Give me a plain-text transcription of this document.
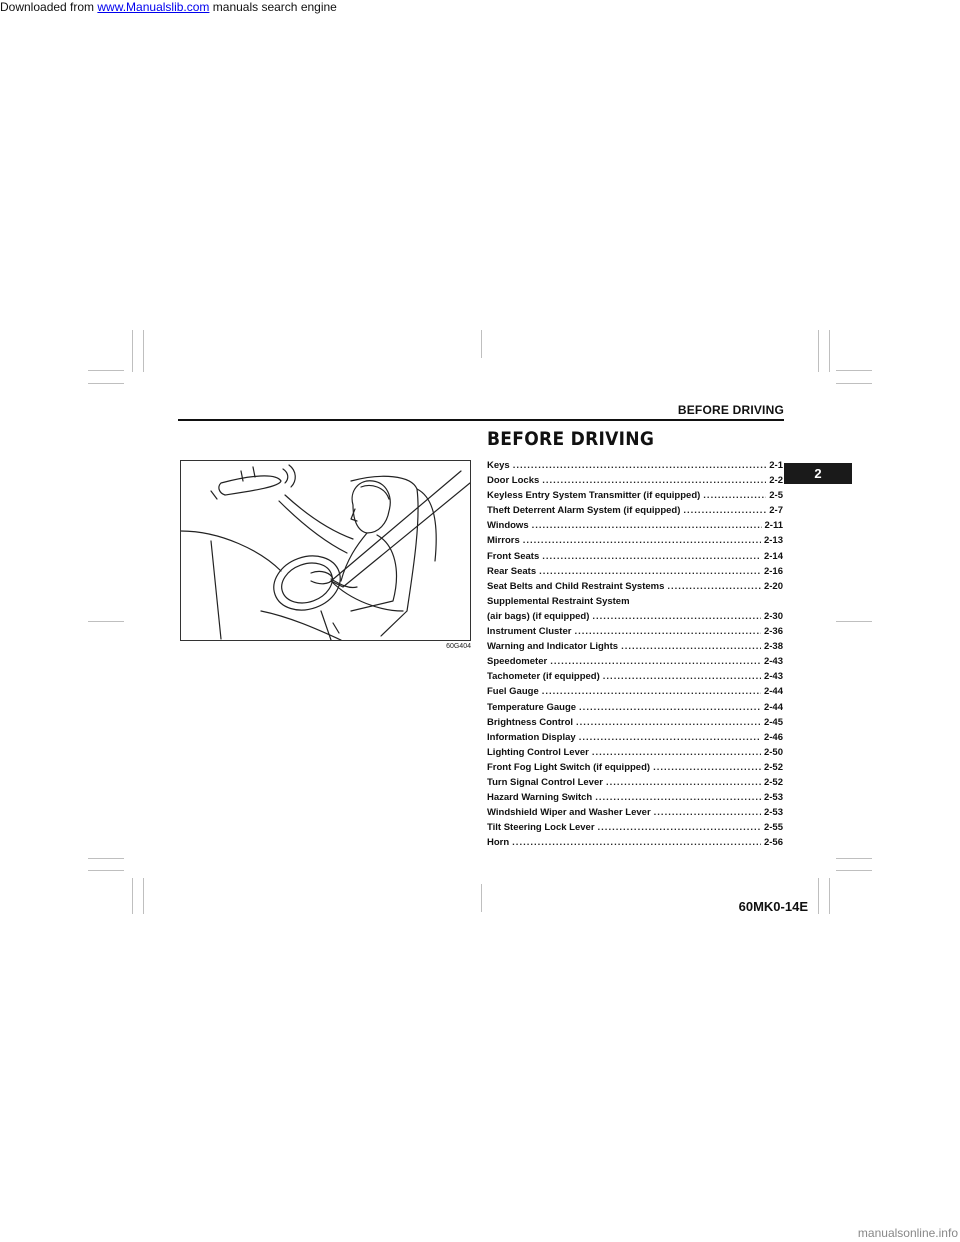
Downloaded from www.Manualslib.com manuals search engine
BEFORE DRIVING
2
BEFORE DRIVING
60G404
Keys .....	2-1
Door Locks .....	2-2
Keyless Entry System Transmitter (if equipped) .....	2-5
Theft Deterrent Alarm System (if equipped) .....	2-7
Windows .....	2-11
Mirrors .....	2-13
Front Seats .....	2-14
Rear Seats .....	2-16
Seat Belts and Child Restraint Systems .....	2-20
Supplemental Restraint System
(air bags) (if equipped) .....	2-30
Instrument Cluster .....	2-36
Warning and Indicator Lights .....	2-38
Speedometer .....	2-43
Tachometer (if equipped) .....	2-43
Fuel Gauge .....	2-44
Temperature Gauge .....	2-44
Brightness Control .....	2-45
Information Display .....	2-46
Lighting Control Lever .....	2-50
Front Fog Light Switch (if equipped) .....	2-52
Turn Signal Control Lever .....	2-52
Hazard Warning Switch .....	2-53
Windshield Wiper and Washer Lever .....	2-53
Tilt Steering Lock Lever .....	2-55
Horn .....	2-56
60MK0-14E
manualsonline.info
